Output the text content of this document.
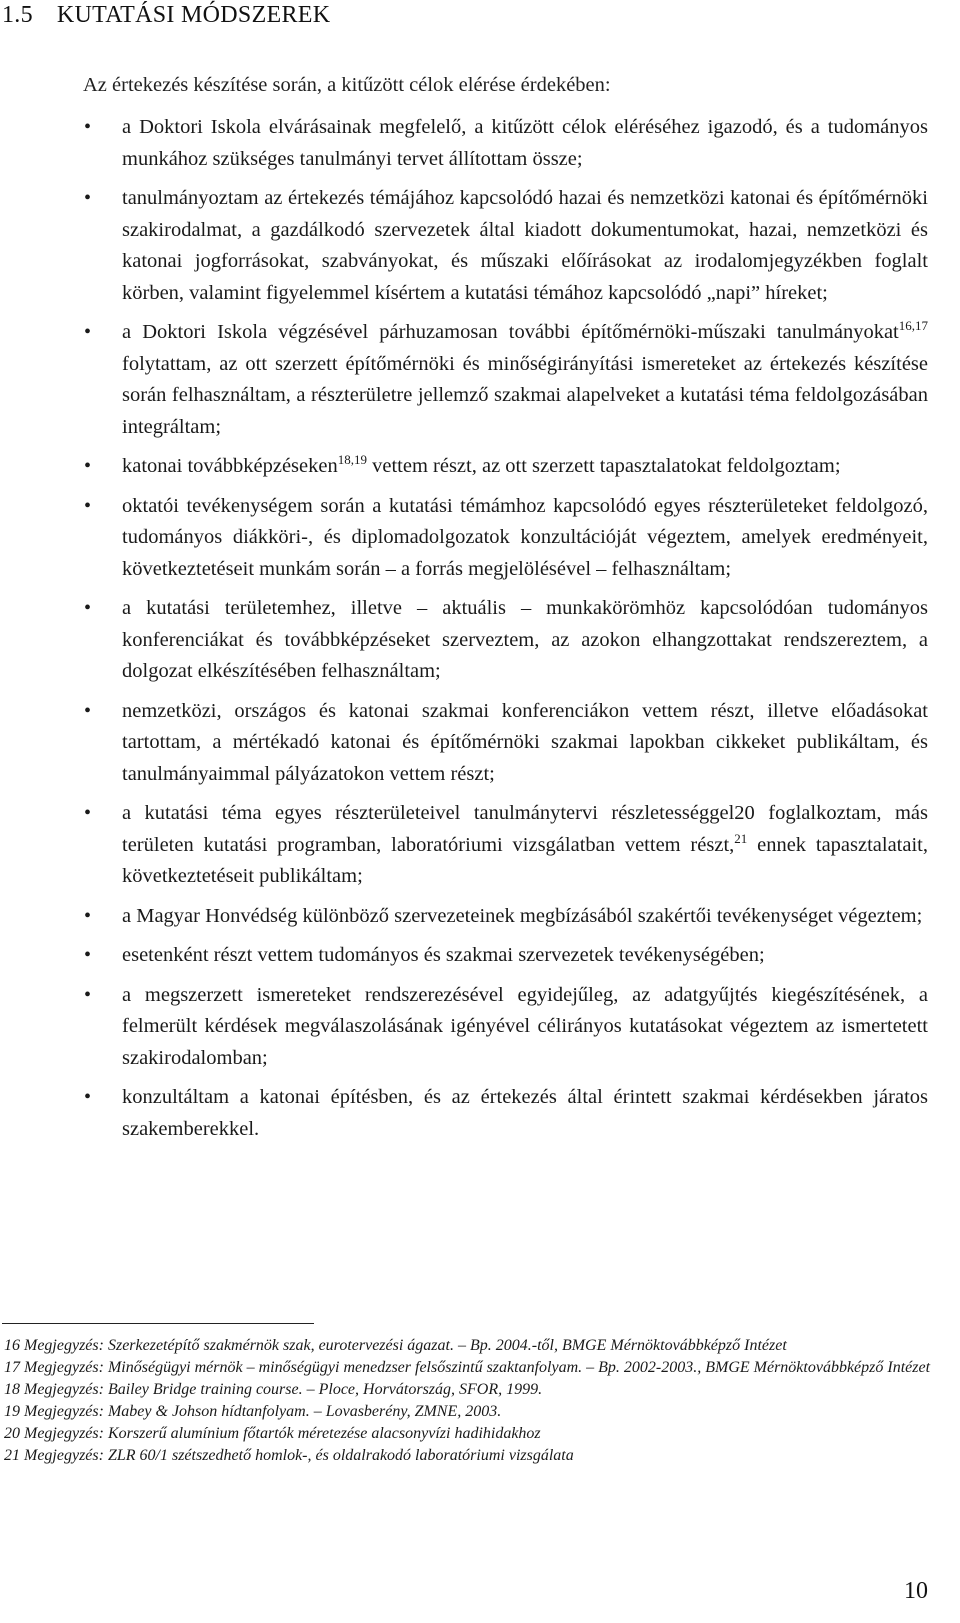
1.5 KUTATÁSI MÓDSZEREK
Az értekezés készítése során, a kitűzött célok elérése érdekében:
• a Doktori Iskola elvárásainak megfelelő, a kitűzött célok eléréséhez igazodó, és a tudományos munkához szükséges tanulmányi tervet állítottam össze;
• tanulmányoztam az értekezés témájához kapcsolódó hazai és nemzetközi katonai és építőmérnöki szakirodalmat, a gazdálkodó szervezetek által kiadott dokumentumokat, hazai, nemzetközi és katonai jogforrásokat, szabványokat, és műszaki előírásokat az irodalomjegyzékben foglalt körben, valamint figyelemmel kísértem a kutatási témához kapcsolódó „napi” híreket;
• a Doktori Iskola végzésével párhuzamosan további építőmérnöki-műszaki tanulmányokat$^{16,17}$ folytattam, az ott szerzett építőmérnöki és minőségirányítási ismereteket az értekezés készítése során felhasználtam, a részterületre jellemző szakmai alapelveket a kutatási téma feldolgozásában integráltam;
• katonai továbbképzéseken$^{18,19}$ vettem részt, az ott szerzett tapasztalatokat feldolgoztam;
• oktatói tevékenységem során a kutatási témámhoz kapcsolódó egyes részterületeket feldolgozó, tudományos diákköri-, és diplomadolgozatok konzultációját végeztem, amelyek eredményeit, következtetéseit munkám során – a forrás megjelölésével – felhasználtam;
• a kutatási területemhez, illetve – aktuális – munkakörömhöz kapcsolódóan tudományos konferenciákat és továbbképzéseket szerveztem, az azokon elhangzottakat rendszereztem, a dolgozat elkészítésében felhasználtam;
• nemzetközi, országos és katonai szakmai konferenciákon vettem részt, illetve előadásokat tartottam, a mértékadó katonai és építőmérnöki szakmai lapokban cikkeket publikáltam, és tanulmányaimmal pályázatokon vettem részt;
• a kutatási téma egyes részterületeivel tanulmánytervi részletességgel20 foglalkoztam, más területen kutatási programban, laboratóriumi vizsgálatban vettem részt,$^{21}$ ennek tapasztalatait, következtetéseit publikáltam;
• a Magyar Honvédség különböző szervezeteinek megbízásából szakértői tevékenységet végeztem;
• esetenként részt vettem tudományos és szakmai szervezetek tevékenységében;
• a megszerzett ismereteket rendszerezésével egyidejűleg, az adatgyűjtés kiegészítésének, a felmerült kérdések megválaszolásának igényével célirányos kutatásokat végeztem az ismertetett szakirodalomban;
• konzultáltam a katonai építésben, és az értekezés által érintett szakmai kérdésekben járatos szakemberekkel.
16 Megjegyzés: Szerkezetépítő szakmérnök szak, eurotervezési ágazat. – Bp. 2004.-től, BMGE Mérnöktovábbképző Intézet
17 Megjegyzés: Minőségügyi mérnök – minőségügyi menedzser felsőszintű szaktanfolyam. – Bp. 2002-2003., BMGE Mérnöktovábbképző Intézet
18 Megjegyzés: Bailey Bridge training course. – Ploce, Horvátország, SFOR, 1999.
19 Megjegyzés: Mabey & Johson hídtanfolyam. – Lovasberény, ZMNE, 2003.
20 Megjegyzés: Korszerű alumínium főtartók méretezése alacsonyvízi hadihidakhoz
21 Megjegyzés: ZLR 60/1 szétszedhető homlok-, és oldalrakodó laboratóriumi vizsgálata
10
